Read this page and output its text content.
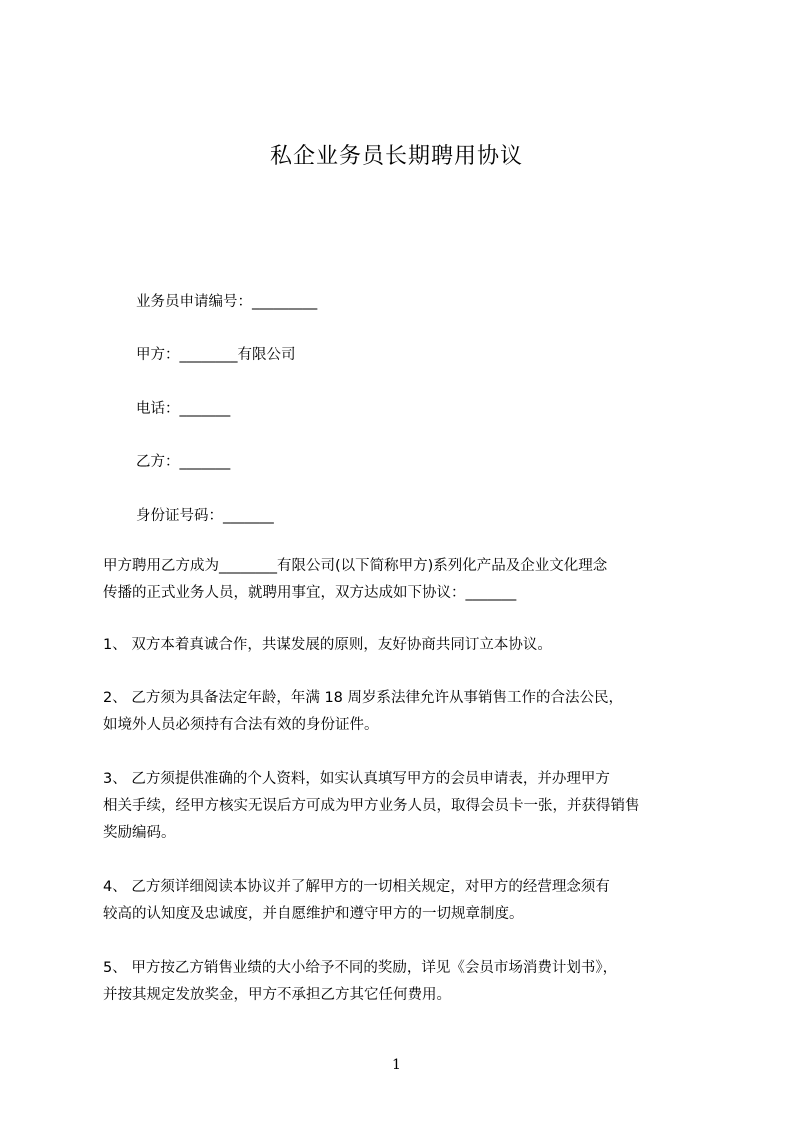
私企业务员长期聘用协议
业务员申请编号：_________
甲方：________有限公司
电话：_______
乙方：_______
身份证号码：_______
甲方聘用乙方成为________有限公司(以下简称甲方)系列化产品及企业文化理念
传播的正式业务人员，就聘用事宜，双方达成如下协议：_______
1、 双方本着真诚合作，共谋发展的原则，友好协商共同订立本协议。
2、 乙方须为具备法定年龄，年满 18 周岁系法律允许从事销售工作的合法公民，
如境外人员必须持有合法有效的身份证件。
3、 乙方须提供准确的个人资料，如实认真填写甲方的会员申请表，并办理甲方
相关手续，经甲方核实无误后方可成为甲方业务人员，取得会员卡一张，并获得销售
奖励编码。
4、 乙方须详细阅读本协议并了解甲方的一切相关规定，对甲方的经营理念须有
较高的认知度及忠诚度，并自愿维护和遵守甲方的一切规章制度。
5、 甲方按乙方销售业绩的大小给予不同的奖励，详见《会员市场消费计划书》，
并按其规定发放奖金，甲方不承担乙方其它任何费用。
1
